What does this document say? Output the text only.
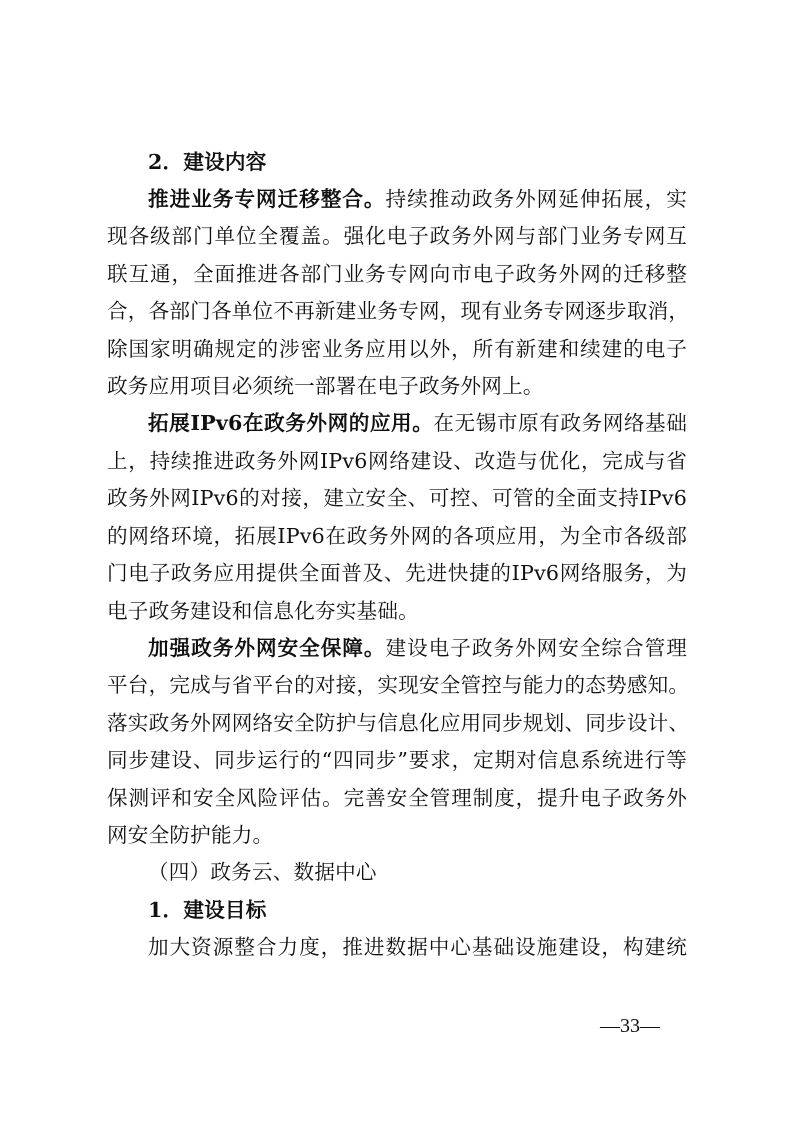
2．建设内容
推进业务专网迁移整合。持续推动政务外网延伸拓展，实
现各级部门单位全覆盖。强化电子政务外网与部门业务专网互
联互通，全面推进各部门业务专网向市电子政务外网的迁移整
合，各部门各单位不再新建业务专网，现有业务专网逐步取消，
除国家明确规定的涉密业务应用以外，所有新建和续建的电子
政务应用项目必须统一部署在电子政务外网上。
拓展IPv6在政务外网的应用。在无锡市原有政务网络基础
上，持续推进政务外网IPv6网络建设、改造与优化，完成与省
政务外网IPv6的对接，建立安全、可控、可管的全面支持IPv6
的网络环境，拓展IPv6在政务外网的各项应用，为全市各级部
门电子政务应用提供全面普及、先进快捷的IPv6网络服务，为
电子政务建设和信息化夯实基础。
加强政务外网安全保障。建设电子政务外网安全综合管理
平台，完成与省平台的对接，实现安全管控与能力的态势感知。
落实政务外网网络安全防护与信息化应用同步规划、同步设计、
同步建设、同步运行的“四同步”要求，定期对信息系统进行等
保测评和安全风险评估。完善安全管理制度，提升电子政务外
网安全防护能力。
（四）政务云、数据中心
1．建设目标
加大资源整合力度，推进数据中心基础设施建设，构建统
—33—
